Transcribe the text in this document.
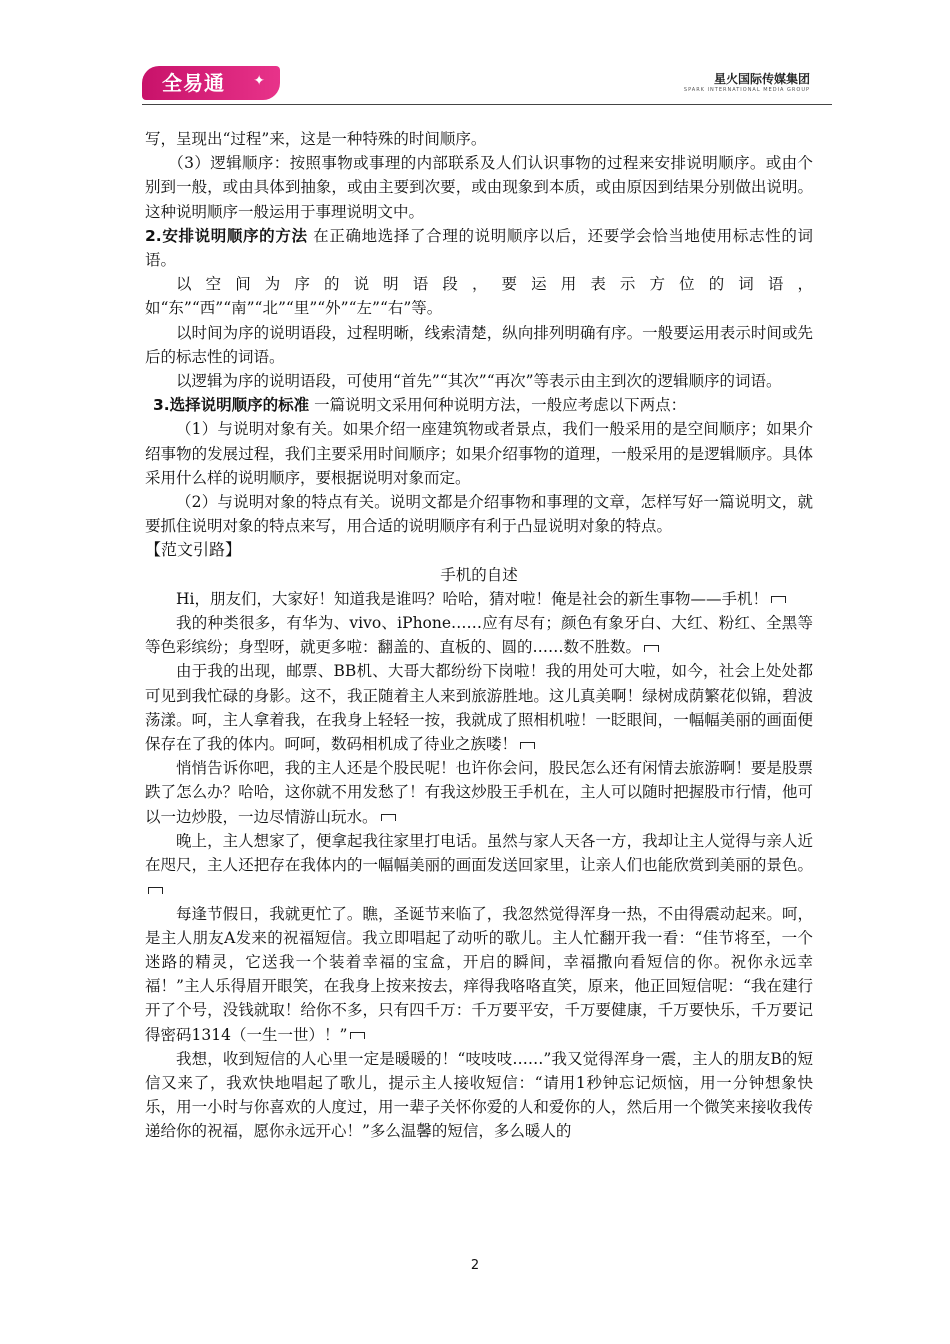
全易通 ✦	星火国际传媒集团
SPARK INTERNATIONAL MEDIA GROUP

写，呈现出“过程”来，这是一种特殊的时间顺序。

（3）逻辑顺序：按照事物或事理的内部联系及人们认识事物的过程来安排说明顺序。或由个别到一般，或由具体到抽象，或由主要到次要，或由现象到本质，或由原因到结果分别做出说明。这种说明顺序一般运用于事理说明文中。

2.安排说明顺序的方法 在正确地选择了合理的说明顺序以后，还要学会恰当地使用标志性的词语。

以空间为序的说明语段，要运用表示方位的词语，如“东”“西”“南”“北”“里”“外”“左”“右”等。

以时间为序的说明语段，过程明晰，线索清楚，纵向排列明确有序。一般要运用表示时间或先后的标志性的词语。

以逻辑为序的说明语段，可使用“首先”“其次”“再次”等表示由主到次的逻辑顺序的词语。

3.选择说明顺序的标准 一篇说明文采用何种说明方法，一般应考虑以下两点：

（1）与说明对象有关。如果介绍一座建筑物或者景点，我们一般采用的是空间顺序；如果介绍事物的发展过程，我们主要采用时间顺序；如果介绍事物的道理，一般采用的是逻辑顺序。具体采用什么样的说明顺序，要根据说明对象而定。

（2）与说明对象的特点有关。说明文都是介绍事物和事理的文章，怎样写好一篇说明文，就要抓住说明对象的特点来写，用合适的说明顺序有利于凸显说明对象的特点。

【范文引路】

手机的自述

Hi，朋友们，大家好！知道我是谁吗？哈哈，猜对啦！俺是社会的新生事物——手机！

我的种类很多，有华为、vivo、iPhone……应有尽有；颜色有象牙白、大红、粉红、全黑等等色彩缤纷；身型呀，就更多啦：翻盖的、直板的、圆的……数不胜数。

由于我的出现，邮票、BB机、大哥大都纷纷下岗啦！我的用处可大啦，如今，社会上处处都可见到我忙碌的身影。这不，我正随着主人来到旅游胜地。这儿真美啊！绿树成荫繁花似锦，碧波荡漾。呵，主人拿着我，在我身上轻轻一按，我就成了照相机啦！一眨眼间，一幅幅美丽的画面便保存在了我的体内。呵呵，数码相机成了待业之族喽！

悄悄告诉你吧，我的主人还是个股民呢！也许你会问，股民怎么还有闲情去旅游啊！要是股票跌了怎么办？哈哈，这你就不用发愁了！有我这炒股王手机在，主人可以随时把握股市行情，他可以一边炒股，一边尽情游山玩水。

晚上，主人想家了，便拿起我往家里打电话。虽然与家人天各一方，我却让主人觉得与亲人近在咫尺，主人还把存在我体内的一幅幅美丽的画面发送回家里，让亲人们也能欣赏到美丽的景色。

每逢节假日，我就更忙了。瞧，圣诞节来临了，我忽然觉得浑身一热，不由得震动起来。呵，是主人朋友A发来的祝福短信。我立即唱起了动听的歌儿。主人忙翻开我一看：“佳节将至，一个迷路的精灵，它送我一个装着幸福的宝盒，开启的瞬间，幸福撒向看短信的你。祝你永远幸福！”主人乐得眉开眼笑，在我身上按来按去，痒得我咯咯直笑，原来，他正回短信呢：“我在建行开了个号，没钱就取！给你不多，只有四千万：千万要平安，千万要健康，千万要快乐，千万要记得密码1314（一生一世）！”

我想，收到短信的人心里一定是暖暖的！“吱吱吱……”我又觉得浑身一震，主人的朋友B的短信又来了，我欢快地唱起了歌儿，提示主人接收短信：“请用1秒钟忘记烦恼，用一分钟想象快乐，用一小时与你喜欢的人度过，用一辈子关怀你爱的人和爱你的人，然后用一个微笑来接收我传递给你的祝福，愿你永远开心！”多么温馨的短信，多么暖人的

2
